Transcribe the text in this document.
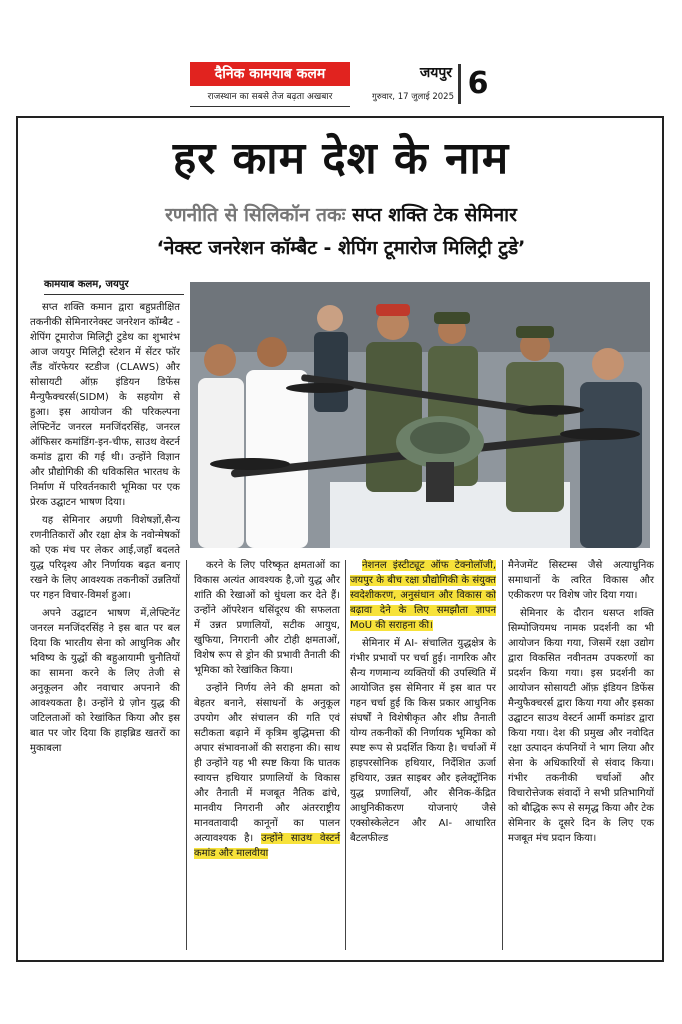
दैनिक कामयाब कलम
राजस्थान का सबसे तेज बढ़ता अखबार
जयपुर
गुरुवार, 17 जुलाई 2025 6
हर काम देश के नाम
रणनीति से सिलिकॉन तकः सप्त शक्ति टेक सेमिनार
‘नेक्स्ट जनरेशन कॉम्बैट - शेपिंग टूमारोज मिलिट्री टुडे’
कामयाब कलम, जयपुर

सप्त शक्ति कमान द्वारा बहुप्रतीक्षित तकनीकी सेमिनारनेक्स्ट जनरेशन कॉम्बैट - शेपिंग टूमारोज मिलिट्री टुडेथ का शुभारंभ आज जयपुर मिलिट्री स्टेशन में सेंटर फॉर लैंड वॉरफेयर स्टडीज (CLAWS) और सोसायटी ऑफ़ इंडियन डिफेंस मैन्युफैक्चरर्स(SIDM) के सहयोग से हुआ। इस आयोजन की परिकल्पना लेफ्टिनेंट जनरल मनजिंदरसिंह, जनरल ऑफिसर कमांडिंग-इन-चीफ, साउथ वेस्टर्न कमांड द्वारा की गई थी। उन्होंने विज्ञान और प्रौद्योगिकी की धविकसित भारतध के निर्माण में परिवर्तनकारी भूमिका पर एक प्रेरक उद्घाटन भाषण दिया।

यह सेमिनार अग्रणी विशेषज्ञों,सैन्य रणनीतिकारों और रक्षा क्षेत्र के नवोन्मेषकों को एक मंच पर लेकर आई,जहाँ बदलते युद्ध परिदृश्य और निर्णायक बढ़त बनाए रखने के लिए आवश्यक तकनीकों उन्नतियों पर गहन विचार-विमर्श हुआ।

अपने उद्घाटन भाषण में,लेफ्टिनेंट जनरल मनजिंदरसिंह ने इस बात पर बल दिया कि भारतीय सेना को आधुनिक और भविष्य के युद्धों की बहुआयामी चुनौतियों का सामना करने के लिए तेजी से अनुकूलन और नवाचार अपनाने की आवश्यकता है। उन्होंने ग्रे ज़ोन युद्ध की जटिलताओं को रेखांकित किया और इस बात पर जोर दिया कि हाइब्रिड खतरों का मुकाबला

करने के लिए परिष्कृत क्षमताओं का विकास अत्यंत आवश्यक है,जो युद्ध और शांति की रेखाओं को धुंधला कर देते हैं। उन्होंने ऑपरेशन धसिंदूरध की सफलता में उन्नत प्रणालियों, सटीक आयुध, खुफिया, निगरानी और टोही क्षमताओं, विशेष रूप से ड्रोन की प्रभावी तैनाती की भूमिका को रेखांकित किया।

उन्होंने निर्णय लेने की क्षमता को बेहतर बनाने, संसाधनों के अनुकूल उपयोग और संचालन की गति एवं सटीकता बढ़ाने में कृत्रिम बुद्धिमत्ता की अपार संभावनाओं की सराहना की। साथ ही उन्होंने यह भी स्पष्ट किया कि घातक स्वायत्त हथियार प्रणालियों के विकास और तैनाती में मजबूत नैतिक ढांचे, मानवीय निगरानी और अंतरराष्ट्रीय मानवतावादी कानूनों का पालन अत्यावश्यक है। उन्होंने साउथ वेस्टर्न कमांड और मालवीया

नेशनल इंस्टीट्यूट ऑफ टेक्नोलॉजी, जयपुर के बीच रक्षा प्रौद्योगिकी के संयुक्त स्वदेशीकरण, अनुसंधान और विकास को बढ़ावा देने के लिए समझौता ज्ञापन MoU की सराहना की।

सेमिनार में AI- संचालित युद्धक्षेत्र के गंभीर प्रभावों पर चर्चा हुई। नागरिक और सैन्य गणमान्य व्यक्तियों की उपस्थिति में आयोजित इस सेमिनार में इस बात पर गहन चर्चा हुई कि किस प्रकार आधुनिक संघर्षों ने विशेषीकृत और शीघ्र तैनाती योग्य तकनीकों की निर्णायक भूमिका को स्पष्ट रूप से प्रदर्शित किया है। चर्चाओं में हाइपरसोनिक हथियार, निर्देशित ऊर्जा हथियार, उन्नत साइबर और इलेक्ट्रॉनिक युद्ध प्रणालियाँ, और सैनिक-केंद्रित आधुनिकीकरण योजनाएं जैसे एक्सोस्केलेटन और AI- आधारित बैटलफील्ड

मैनेजमेंट सिस्टम्स जैसे अत्याधुनिक समाधानों के त्वरित विकास और एकीकरण पर विशेष जोर दिया गया।

सेमिनार के दौरान धसप्त शक्ति सिम्पोजियमध नामक प्रदर्शनी का भी आयोजन किया गया, जिसमें रक्षा उद्योग द्वारा विकसित नवीनतम उपकरणों का प्रदर्शन किया गया। इस प्रदर्शनी का आयोजन सोसायटी ऑफ़ इंडियन डिफेंस मैन्युफैक्चरर्स द्वारा किया गया और इसका उद्घाटन साउथ वेस्टर्न आर्मी कमांडर द्वारा किया गया। देश की प्रमुख और नवोदित रक्षा उत्पादन कंपनियों ने भाग लिया और सेना के अधिकारियों से संवाद किया। गंभीर तकनीकी चर्चाओं और विचारोत्तेजक संवादों ने सभी प्रतिभागियों को बौद्धिक रूप से समृद्ध किया और टेक सेमिनार के दूसरे दिन के लिए एक मजबूत मंच प्रदान किया।
